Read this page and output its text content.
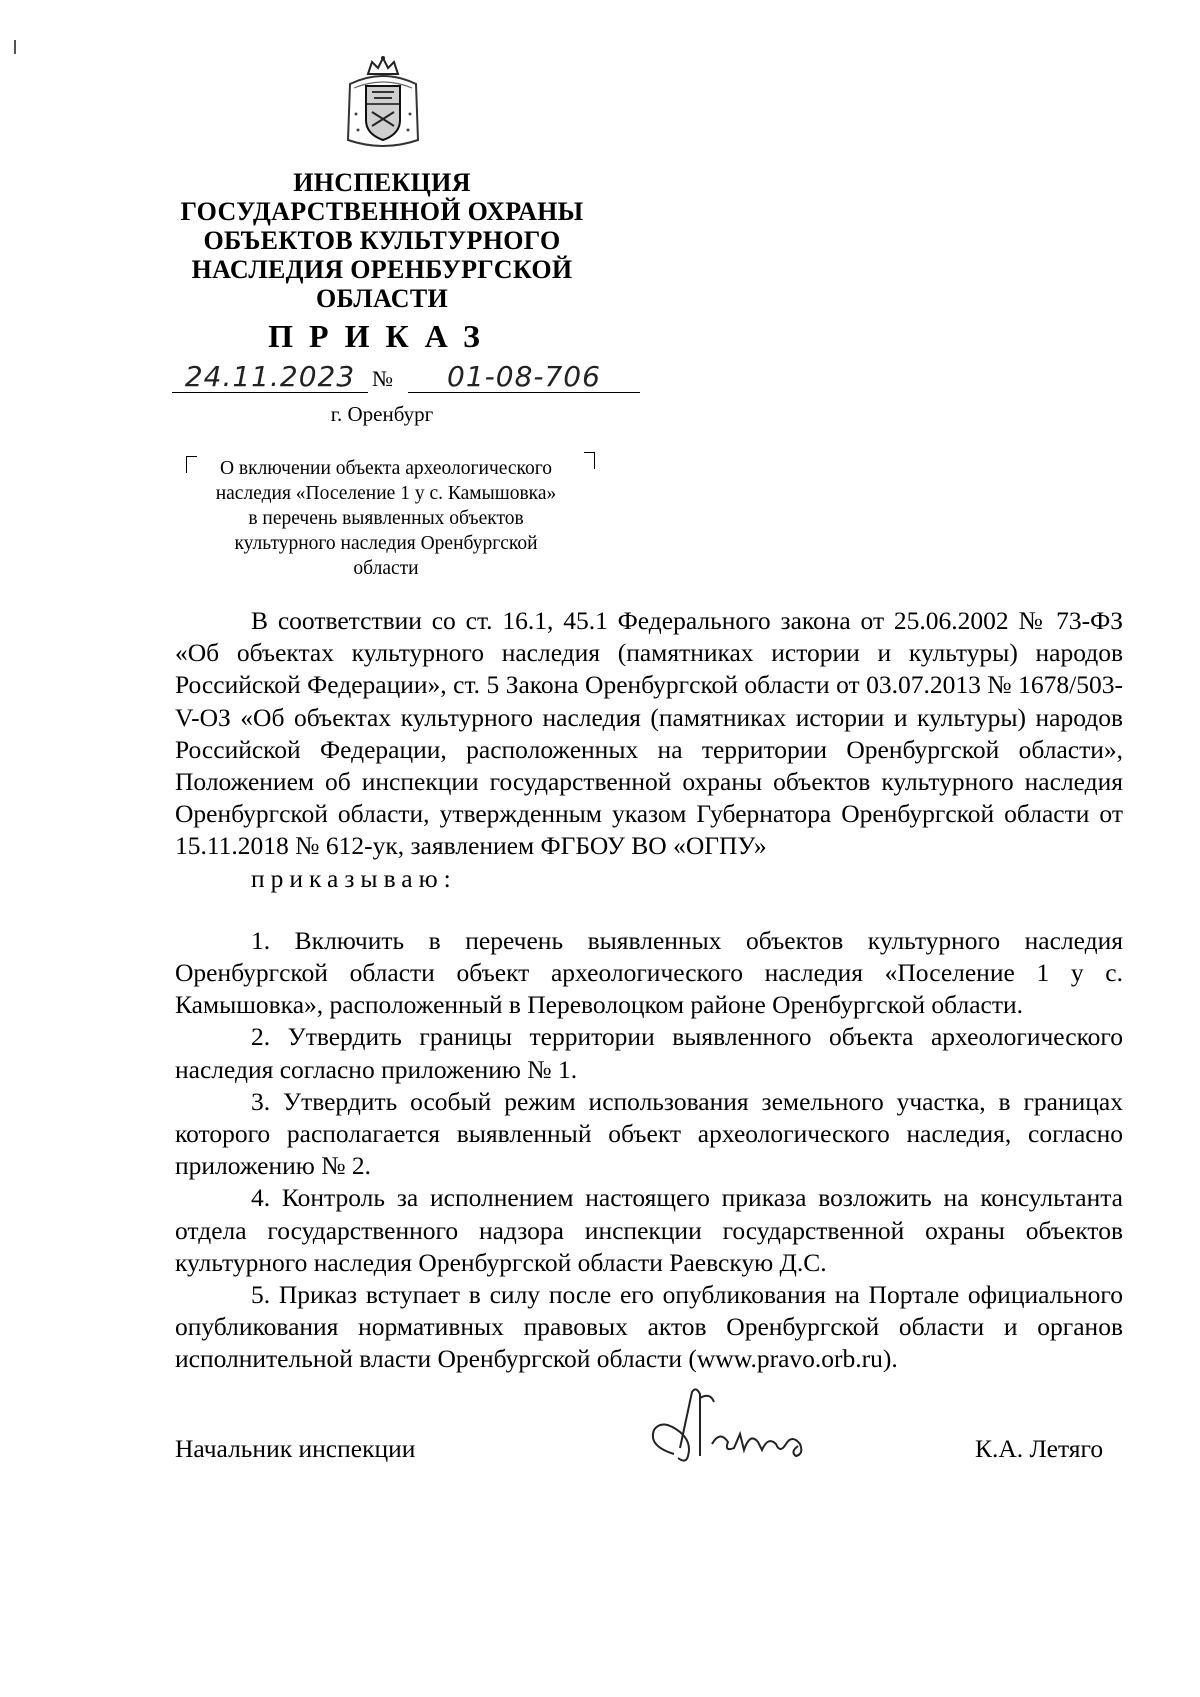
ИНСПЕКЦИЯ
ГОСУДАРСТВЕННОЙ ОХРАНЫ
ОБЪЕКТОВ КУЛЬТУРНОГО
НАСЛЕДИЯ ОРЕНБУРГСКОЙ
ОБЛАСТИ
ПРИКАЗ
24.11.2023 №	01-08-706
г. Оренбург
О включении объекта археологического
наследия «Поселение 1 у с. Камышовка»
в перечень выявленных объектов
культурного наследия Оренбургской
области

В соответствии со ст. 16.1, 45.1 Федерального закона от 25.06.2002 № 73-ФЗ «Об объектах культурного наследия (памятниках истории и культуры) народов Российской Федерации», ст. 5 Закона Оренбургской области от 03.07.2013 № 1678/503-V-ОЗ «Об объектах культурного наследия (памятниках истории и культуры) народов Российской Федерации, расположенных на территории Оренбургской области», Положением об инспекции государственной охраны объектов культурного наследия Оренбургской области, утвержденным указом Губернатора Оренбургской области от 15.11.2018 № 612-ук, заявлением ФГБОУ ВО «ОГПУ»

приказываю:

1. Включить в перечень выявленных объектов культурного наследия Оренбургской области объект археологического наследия «Поселение 1 у с. Камышовка», расположенный в Переволоцком районе Оренбургской области.

2. Утвердить границы территории выявленного объекта археологического наследия согласно приложению № 1.

3. Утвердить особый режим использования земельного участка, в границах которого располагается выявленный объект археологического наследия, согласно приложению № 2.

4. Контроль за исполнением настоящего приказа возложить на консультанта отдела государственного надзора инспекции государственной охраны объектов культурного наследия Оренбургской области Раевскую Д.С.

5. Приказ вступает в силу после его опубликования на Портале официального опубликования нормативных правовых актов Оренбургской области и органов исполнительной власти Оренбургской области (www.pravo.orb.ru).

Начальник инспекции	К.А. Летяго
